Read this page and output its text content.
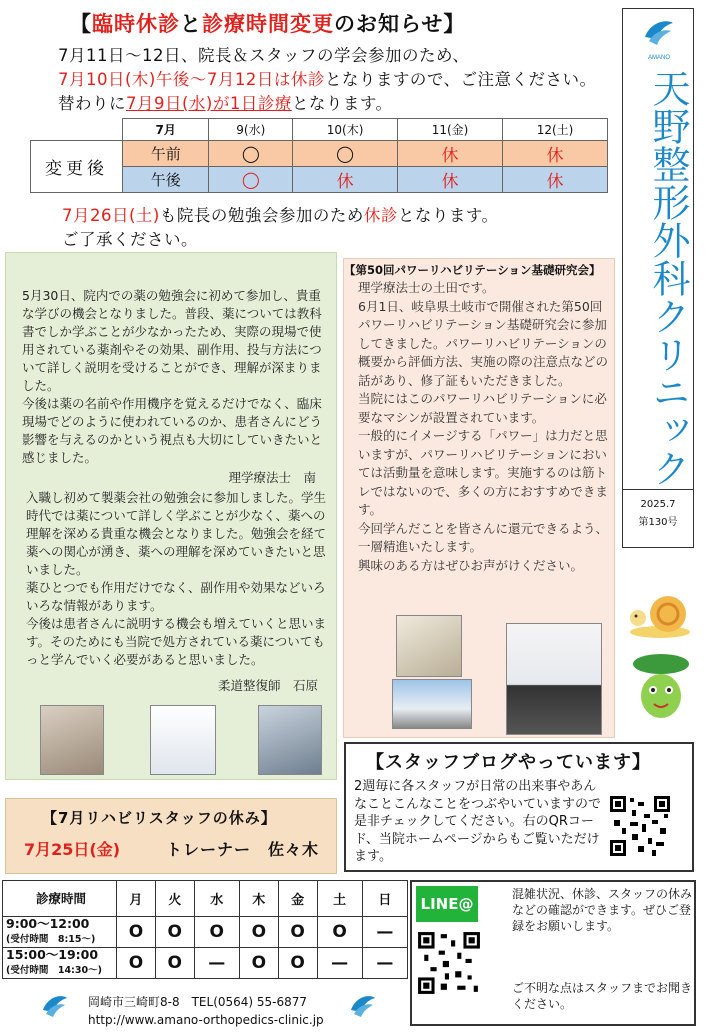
【臨時休診と診療時間変更のお知らせ】
7月11日〜12日、院長＆スタッフの学会参加のため、
7月10日(木)午後〜7月12日は休診となりますので、ご注意ください。
替わりに7月9日(水)が1日診療となります。
	7月	9(水)	10(木)	11(金)	12(土)
変更後	午前	◯	◯	休	休
	午後	◯	休	休	休
7月26日(土)も院長の勉強会参加のため休診となります。
ご了承ください。
AMANO
天野整形外科クリニック
2025.7
第130号

5月30日、院内での薬の勉強会に初めて参加し、貴重な学びの機会となりました。普段、薬については教科書でしか学ぶことが少なかったため、実際の現場で使用されている薬剤やその効果、副作用、投与方法について詳しく説明を受けることができ、理解が深まりました。

今後は薬の名前や作用機序を覚えるだけでなく、臨床現場でどのように使われているのか、患者さんにどう影響を与えるのかという視点も大切にしていきたいと感じました。

理学療法士　南

入職し初めて製薬会社の勉強会に参加しました。学生時代では薬について詳しく学ぶことが少なく、薬への理解を深める貴重な機会となりました。勉強会を経て薬への関心が湧き、薬への理解を深めていきたいと思いました。

薬ひとつでも作用だけでなく、副作用や効果などいろいろな情報があります。

今後は患者さんに説明する機会も増えていくと思います。そのためにも当院で処方されている薬についてもっと学んでいく必要があると思いました。

柔道整復師　石原

【第50回パワーリハビリテーション基礎研究会】

理学療法士の土田です。

6月1日、岐阜県土岐市で開催された第50回パワーリハビリテーション基礎研究会に参加してきました。パワーリハビリテーションの概要から評価方法、実施の際の注意点などの話があり、修了証もいただきました。

当院にはこのパワーリハビリテーションに必要なマシンが設置されています。

一般的にイメージする「パワー」は力だと思いますが、パワーリハビリテーションにおいては活動量を意味します。実施するのは筋トレではないので、多くの方におすすめできます。

今回学んだことを皆さんに還元できるよう、一層精進いたします。

興味のある方はぜひお声がけください。

【スタッフブログやっています】
2週毎に各スタッフが日常の出来事やあんなことこんなことをつぶやいていますので是非チェックしてください。右のQRコード、当院ホームページからもご覧いただけます。
【7月リハビリスタッフの休み】
7月25日(金)	トレーナー　佐々木
診療時間	月	火	水	木	金	土	日

9:00〜12:00
(受付時間　8:15〜)	O	O	O	O	O	O	—

15:00〜19:00
(受付時間　14:30〜)	O	O	—	O	O	—	—
LINE@
混雑状況、休診、スタッフの休みなどの確認ができます。ぜひご登録をお願いします。
ご不明な点はスタッフまでお聞きください。
岡崎市三崎町8-8　TEL(0564) 55-6877
http://www.amano-orthopedics-clinic.jp
